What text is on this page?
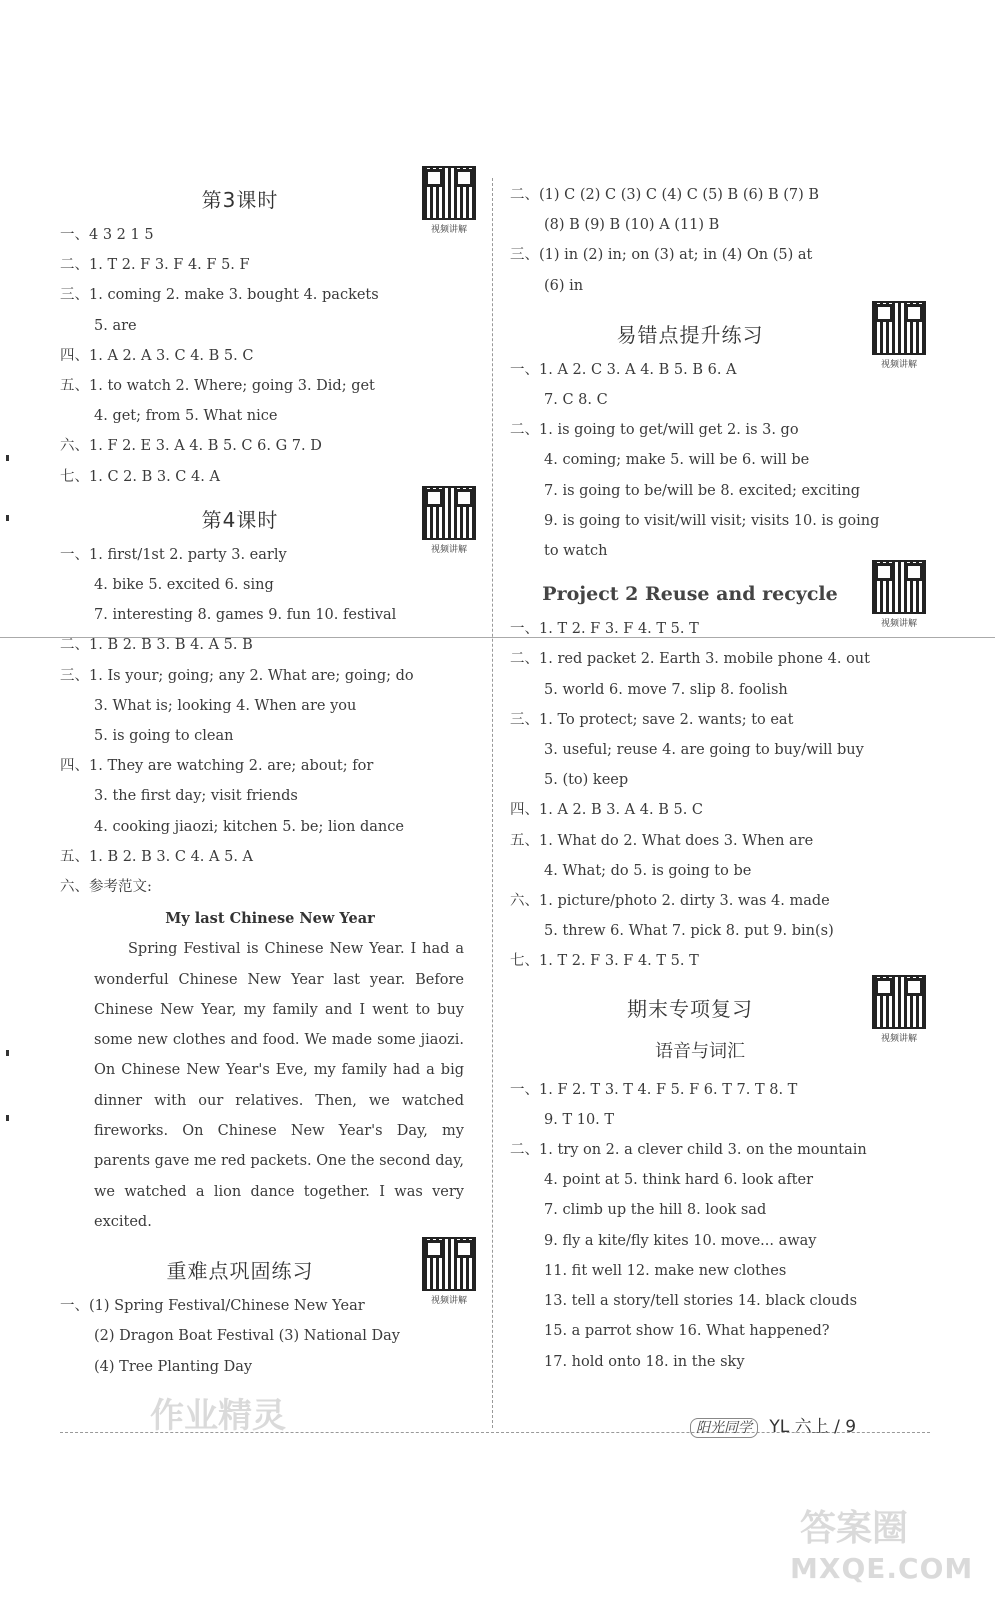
第3课时
视频讲解
一、4 3 2 1 5
二、1. T 2. F 3. F 4. F 5. F
三、1. coming 2. make 3. bought 4. packets
5. are
四、1. A 2. A 3. C 4. B 5. C
五、1. to watch 2. Where; going 3. Did; get
4. get; from 5. What nice
六、1. F 2. E 3. A 4. B 5. C 6. G 7. D
七、1. C 2. B 3. C 4. A
第4课时
视频讲解
一、1. first/1st 2. party 3. early
4. bike 5. excited 6. sing
7. interesting 8. games 9. fun 10. festival
二、1. B 2. B 3. B 4. A 5. B
三、1. Is your; going; any 2. What are; going; do
3. What is; looking 4. When are you
5. is going to clean
四、1. They are watching 2. are; about; for
3. the first day; visit friends
4. cooking jiaozi; kitchen 5. be; lion dance
五、1. B 2. B 3. C 4. A 5. A
六、参考范文:
My last Chinese New Year
Spring Festival is Chinese New Year. I had a wonderful Chinese New Year last year. Before Chinese New Year, my family and I went to buy some new clothes and food. We made some jiaozi. On Chinese New Year's Eve, my family had a big dinner with our relatives. Then, we watched fireworks. On Chinese New Year's Day, my parents gave me red packets. One the second day, we watched a lion dance together. I was very excited.
重难点巩固练习
视频讲解
一、(1) Spring Festival/Chinese New Year
(2) Dragon Boat Festival (3) National Day
(4) Tree Planting Day
二、(1) C (2) C (3) C (4) C (5) B (6) B (7) B
(8) B (9) B (10) A (11) B
三、(1) in (2) in; on (3) at; in (4) On (5) at
(6) in
易错点提升练习
视频讲解
一、1. A 2. C 3. A 4. B 5. B 6. A
7. C 8. C
二、1. is going to get/will get 2. is 3. go
4. coming; make 5. will be 6. will be
7. is going to be/will be 8. excited; exciting
9. is going to visit/will visit; visits 10. is going
to watch
Project 2 Reuse and recycle
视频讲解
一、1. T 2. F 3. F 4. T 5. T
二、1. red packet 2. Earth 3. mobile phone 4. out
5. world 6. move 7. slip 8. foolish
三、1. To protect; save 2. wants; to eat
3. useful; reuse 4. are going to buy/will buy
5. (to) keep
四、1. A 2. B 3. A 4. B 5. C
五、1. What do 2. What does 3. When are
4. What; do 5. is going to be
六、1. picture/photo 2. dirty 3. was 4. made
5. threw 6. What 7. pick 8. put 9. bin(s)
七、1. T 2. F 3. F 4. T 5. T
期末专项复习
视频讲解
语音与词汇
一、1. F 2. T 3. T 4. F 5. F 6. T 7. T 8. T
9. T 10. T
二、1. try on 2. a clever child 3. on the mountain
4. point at 5. think hard 6. look after
7. climb up the hill 8. look sad
9. fly a kite/fly kites 10. move... away
11. fit well 12. make new clothes
13. tell a story/tell stories 14. black clouds
15. a parrot show 16. What happened?
17. hold onto 18. in the sky
作业精灵	阳光同学 YL 六上 / 9
答案圈
MXQE.COM
